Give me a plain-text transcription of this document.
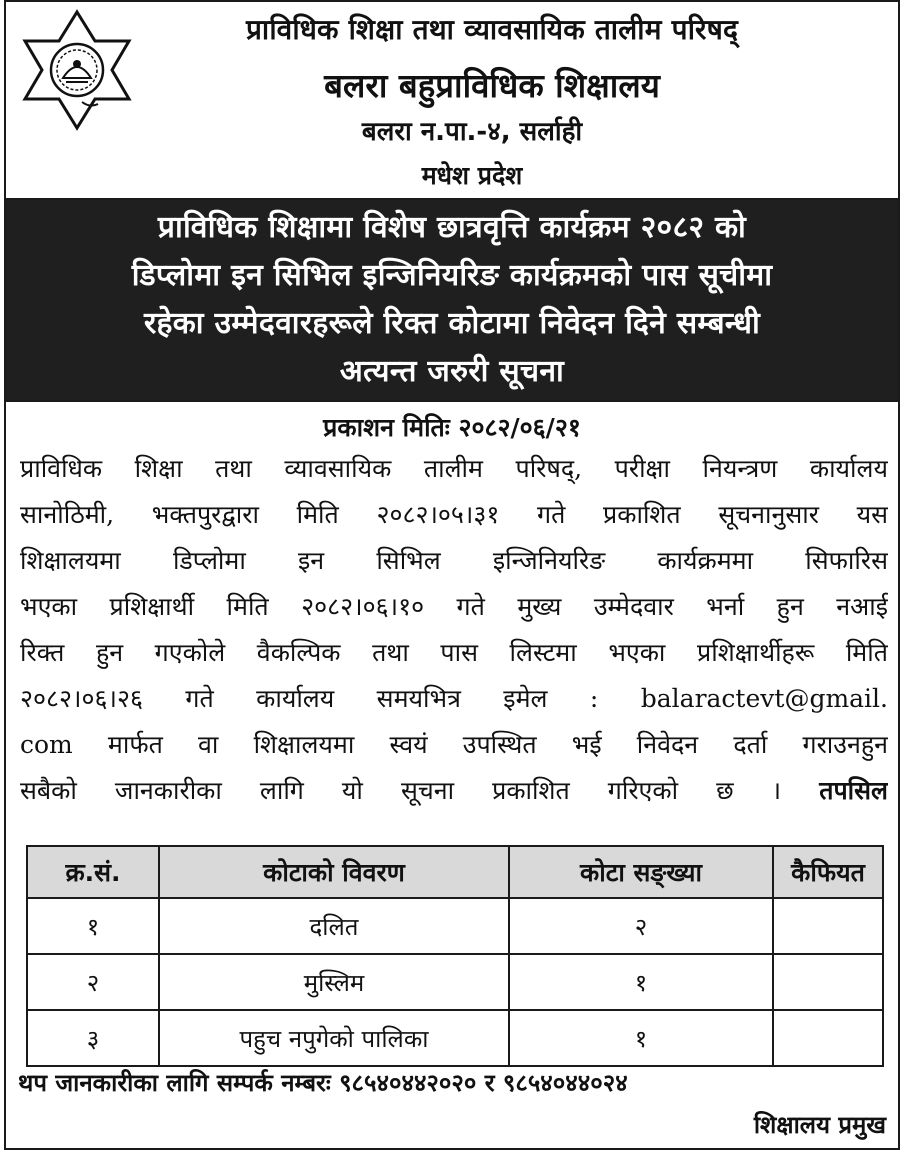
प्राविधिक शिक्षा तथा व्यावसायिक तालीम परिषद्
बलरा बहुप्राविधिक शिक्षालय
बलरा न.पा.-४, सर्लाही
मधेश प्रदेश
प्राविधिक शिक्षामा विशेष छात्रवृत्ति कार्यक्रम २०८२ को
डिप्लोमा इन सिभिल इन्जिनियरिङ कार्यक्रमको पास सूचीमा
रहेका उम्मेदवारहरूले रिक्त कोटामा निवेदन दिने सम्बन्धी
अत्यन्त जरुरी सूचना
प्रकाशन मितिः २०८२/०६/२१
प्राविधिक शिक्षा तथा व्यावसायिक तालीम परिषद्, परीक्षा नियन्त्रण कार्यालय
सानोठिमी, भक्तपुरद्वारा मिति २०८२।०५।३१ गते प्रकाशित सूचनानुसार यस
शिक्षालयमा डिप्लोमा इन सिभिल इन्जिनियरिङ कार्यक्रममा सिफारिस
भएका प्रशिक्षार्थी मिति २०८२।०६।१० गते मुख्य उम्मेदवार भर्ना हुन नआई
रिक्त हुन गएकोले वैकल्पिक तथा पास लिस्टमा भएका प्रशिक्षार्थीहरू मिति
२०८२।०६।२६ गते कार्यालय समयभित्र इमेल : balaractevt@gmail.
com मार्फत वा शिक्षालयमा स्वयं उपस्थित भई निवेदन दर्ता गराउनहुन
सबैको जानकारीका लागि यो सूचना प्रकाशित गरिएको छ । तपसिल
क्र.सं.	कोटाको विवरण	कोटा सङ्ख्या	कैफियत
१	दलित	२	
२	मुस्लिम	१	
३	पहुच नपुगेको पालिका	१	
थप जानकारीका लागि सम्पर्क नम्बरः ९८५४०४४२०२० र ९८५४०४४०२४
शिक्षालय प्रमुख
